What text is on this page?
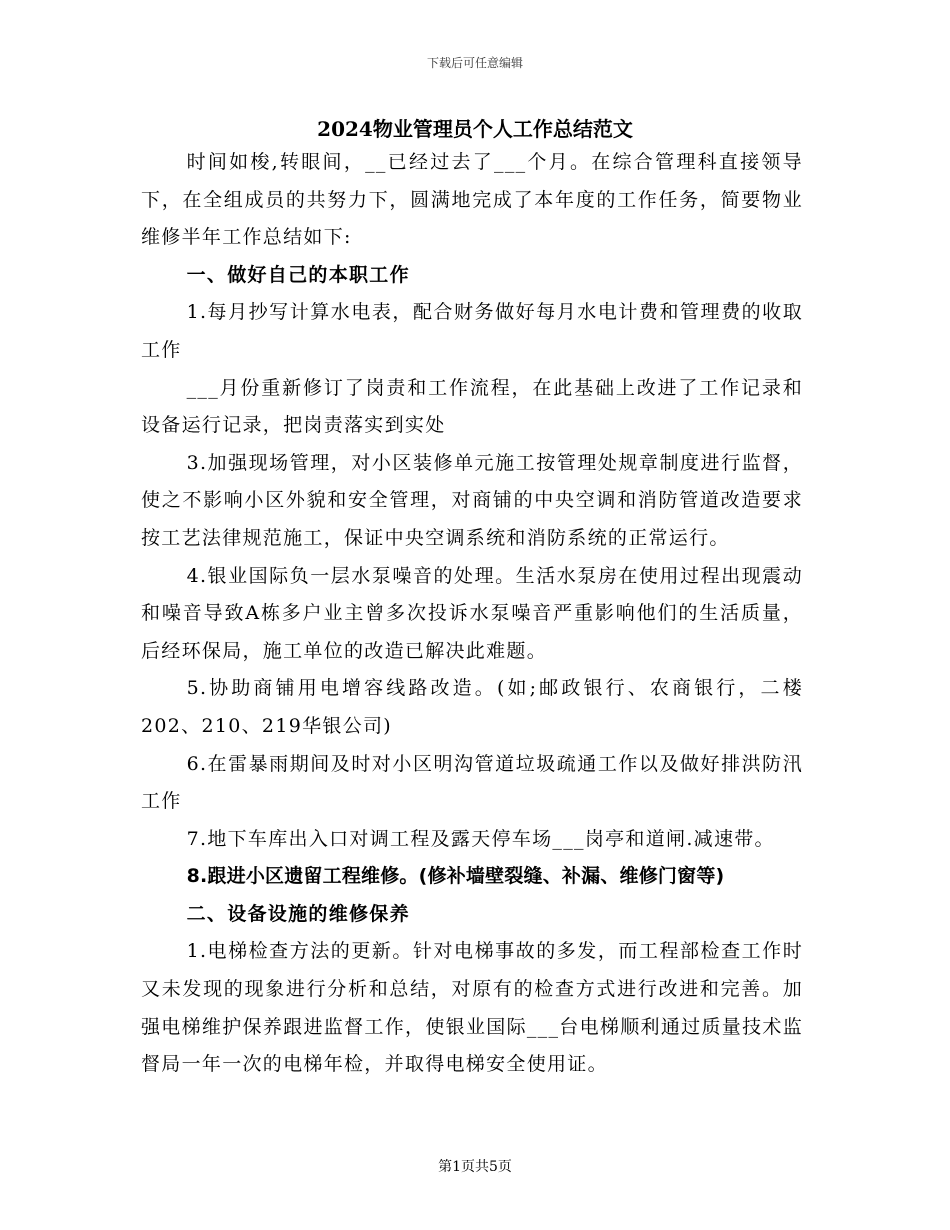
下载后可任意编辑

2024物业管理员个人工作总结范文

时间如梭,转眼间，__已经过去了___个月。在综合管理科直接领导下，在全组成员的共努力下，圆满地完成了本年度的工作任务，简要物业维修半年工作总结如下:

一、做好自己的本职工作

1.每月抄写计算水电表，配合财务做好每月水电计费和管理费的收取工作

___月份重新修订了岗责和工作流程，在此基础上改进了工作记录和设备运行记录，把岗责落实到实处

3.加强现场管理，对小区装修单元施工按管理处规章制度进行监督，使之不影响小区外貌和安全管理，对商铺的中央空调和消防管道改造要求按工艺法律规范施工，保证中央空调系统和消防系统的正常运行。

4.银业国际负一层水泵噪音的处理。生活水泵房在使用过程出现震动和噪音导致A栋多户业主曾多次投诉水泵噪音严重影响他们的生活质量，后经环保局，施工单位的改造已解决此难题。

5.协助商铺用电增容线路改造。(如;邮政银行、农商银行，二楼202、210、219华银公司)

6.在雷暴雨期间及时对小区明沟管道垃圾疏通工作以及做好排洪防汛工作

7.地下车库出入口对调工程及露天停车场___岗亭和道闸.减速带。

8.跟进小区遗留工程维修。(修补墙壁裂缝、补漏、维修门窗等)

二、设备设施的维修保养

1.电梯检查方法的更新。针对电梯事故的多发，而工程部检查工作时又未发现的现象进行分析和总结，对原有的检查方式进行改进和完善。加强电梯维护保养跟进监督工作，使银业国际___台电梯顺利通过质量技术监督局一年一次的电梯年检，并取得电梯安全使用证。

第1页共5页
